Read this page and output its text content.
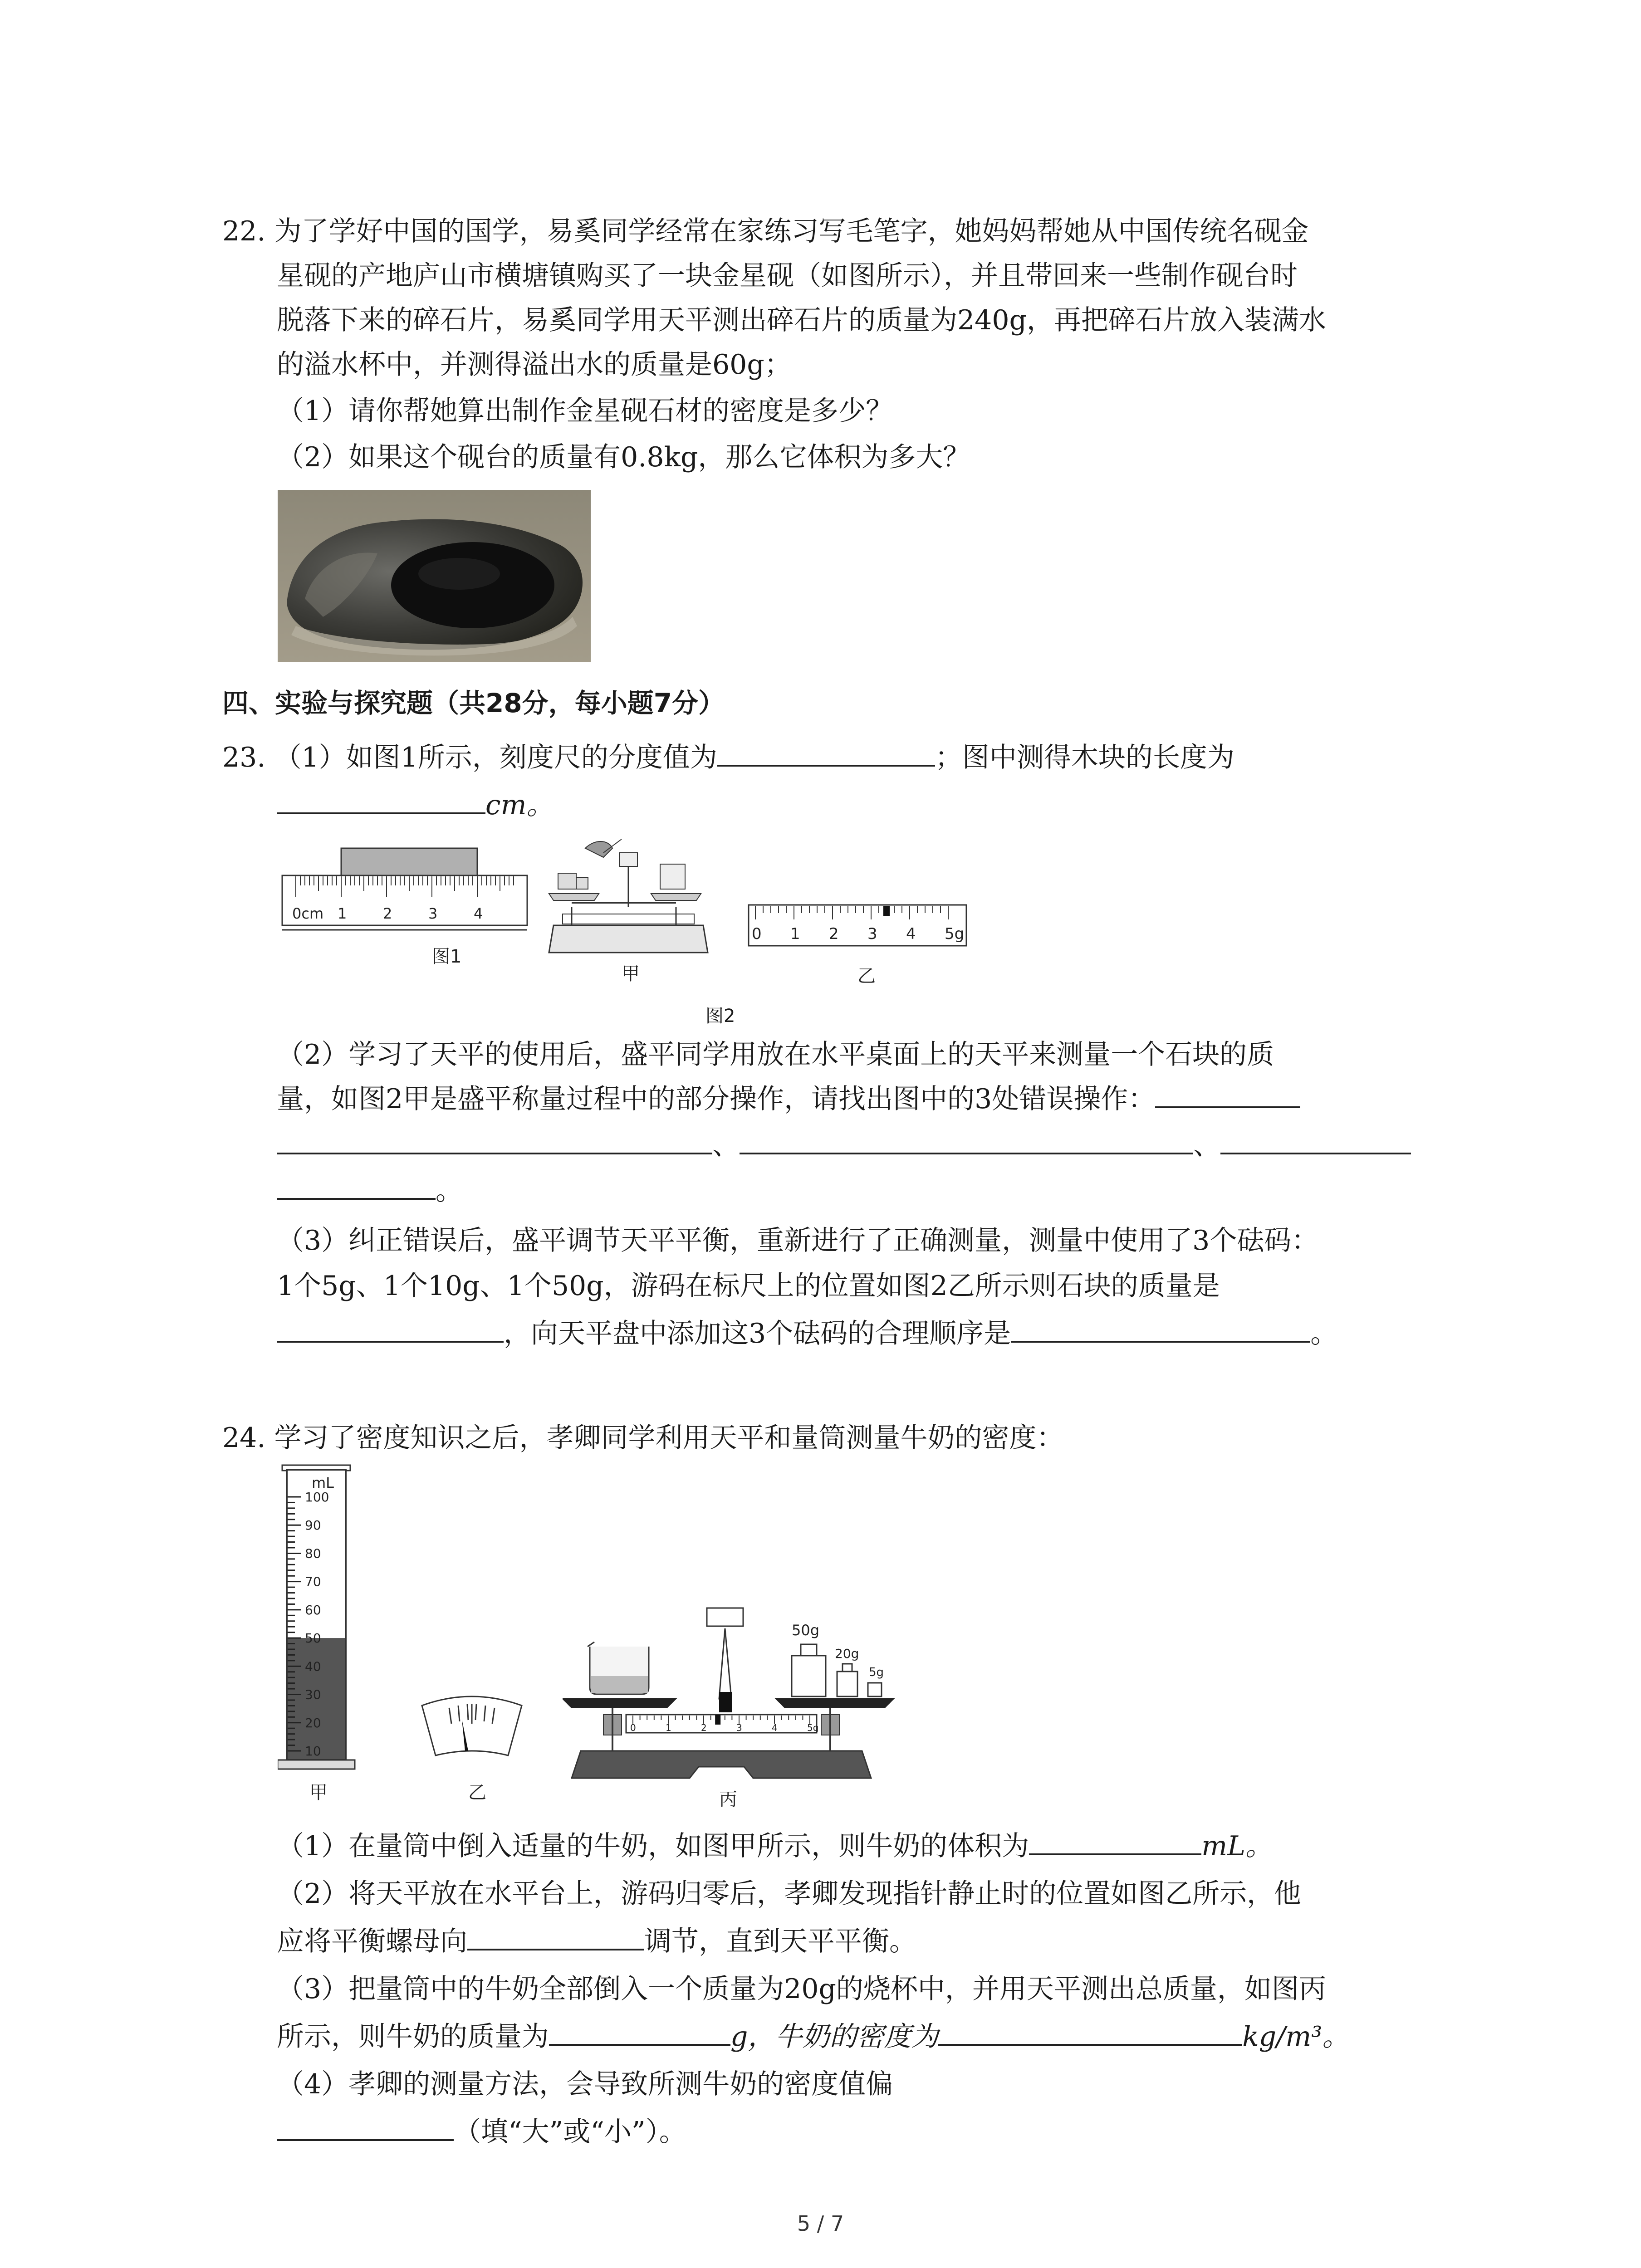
22. 为了学好中国的国学，易奚同学经常在家练习写毛笔字，她妈妈帮她从中国传统名砚金
星砚的产地庐山市横塘镇购买了一块金星砚（如图所示），并且带回来一些制作砚台时
脱落下来的碎石片，易奚同学用天平测出碎石片的质量为240g，再把碎石片放入装满水
的溢水杯中，并测得溢出水的质量是60g；
（1）请你帮她算出制作金星砚石材的密度是多少？
（2）如果这个砚台的质量有0.8kg，那么它体积为多大？
四、实验与探究题（共28分，每小题7分）
23. （1）如图1所示，刻度尺的分度值为	；图中测得木块的长度为
cm。
0cm 1 2 3 4
图1
甲
0 1 2 3 4 5g
乙
图2
（2）学习了天平的使用后，盛平同学用放在水平桌面上的天平来测量一个石块的质
量，如图2甲是盛平称量过程中的部分操作，请找出图中的3处错误操作：
、	、
。
（3）纠正错误后，盛平调节天平平衡，重新进行了正确测量，测量中使用了3个砝码：
1个5g、1个10g、1个50g，游码在标尺上的位置如图2乙所示则石块的质量是
，向天平盘中添加这3个砝码的合理顺序是	。
24. 学习了密度知识之后，孝卿同学利用天平和量筒测量牛奶的密度：
mL
100
90
80
70
60
50
40
30
20
10
甲	乙
50g
20g
5g
0	1	2	3	4	5g
丙
（1）在量筒中倒入适量的牛奶，如图甲所示，则牛奶的体积为	mL。
（2）将天平放在水平台上，游码归零后，孝卿发现指针静止时的位置如图乙所示，他
应将平衡螺母向	调节，直到天平平衡。
（3）把量筒中的牛奶全部倒入一个质量为20g的烧杯中，并用天平测出总质量，如图丙
所示，则牛奶的质量为	g，牛奶的密度为	kg/m³。
（4）孝卿的测量方法，会导致所测牛奶的密度值偏
（填“大”或“小”）。
5 / 7
